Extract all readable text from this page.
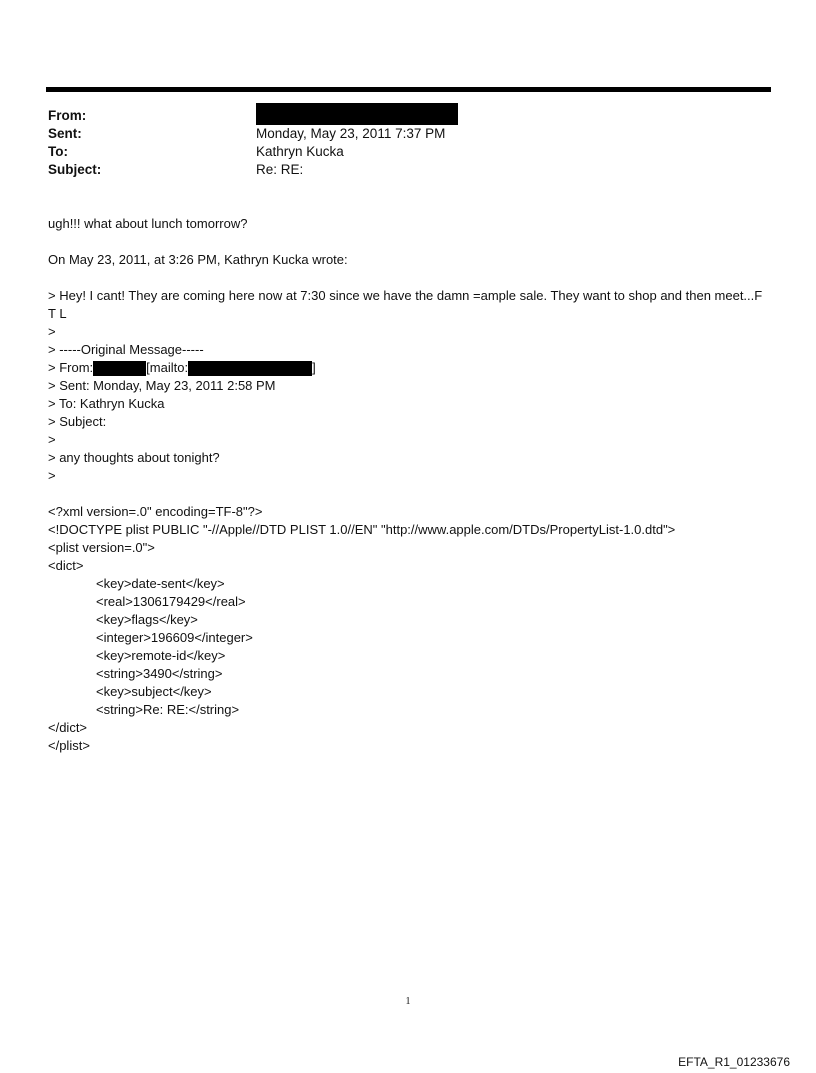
From:
Sent:	Monday, May 23, 2011 7:37 PM
To:	Kathryn Kucka
Subject:	Re: RE:
ugh!!! what about lunch tomorrow?
On May 23, 2011, at 3:26 PM, Kathryn Kucka wrote:
> Hey! I cant! They are coming here now at 7:30 since we have the damn =ample sale. They want to shop and then meet...F T L
>
> -----Original Message-----
> From:	[mailto:	]
> Sent: Monday, May 23, 2011 2:58 PM
> To: Kathryn Kucka
> Subject:
>
> any thoughts about tonight?
>
<?xml version=.0" encoding=TF-8"?>
<!DOCTYPE plist PUBLIC "-//Apple//DTD PLIST 1.0//EN" "http://www.apple.com/DTDs/PropertyList-1.0.dtd">
<plist version=.0">
<dict>
<key>date-sent</key>
<real>1306179429</real>
<key>flags</key>
<integer>196609</integer>
<key>remote-id</key>
<string>3490</string>
<key>subject</key>
<string>Re: RE:</string>
</dict>
</plist>
1
EFTA_R1_01233676
